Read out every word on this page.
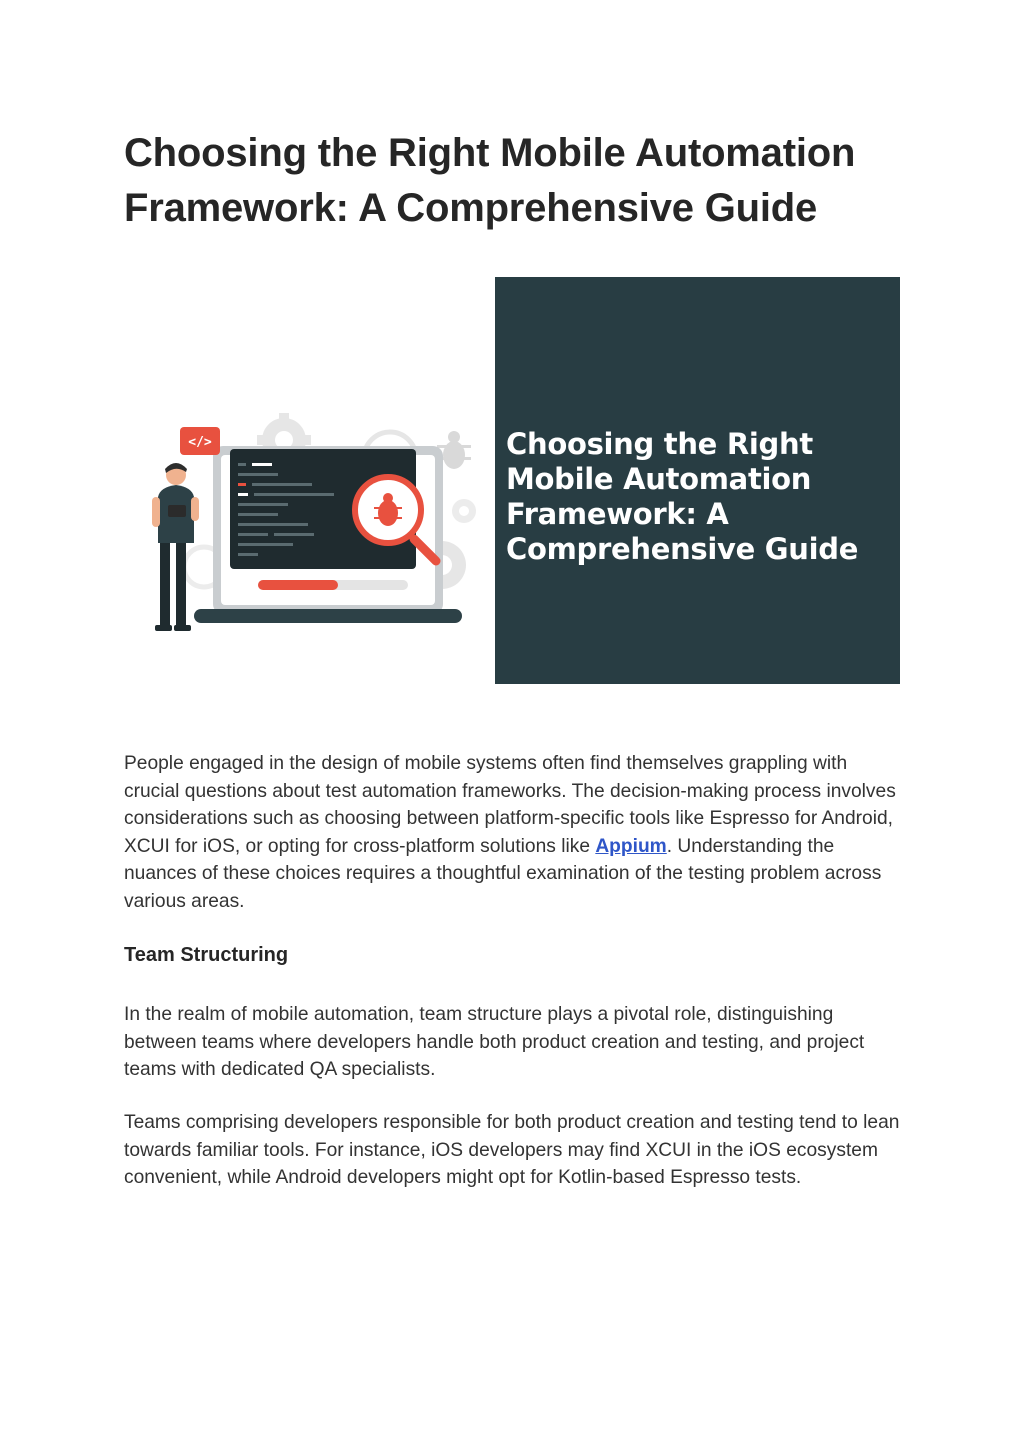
Choosing the Right Mobile Automation Framework: A Comprehensive Guide
</>	Choosing the Right Mobile Automation Framework: A Comprehensive Guide

People engaged in the design of mobile systems often find themselves grappling with crucial questions about test automation frameworks. The decision-making process involves considerations such as choosing between platform-specific tools like Espresso for Android, XCUI for iOS, or opting for cross-platform solutions like Appium. Understanding the nuances of these choices requires a thoughtful examination of the testing problem across various areas.

Team Structuring

In the realm of mobile automation, team structure plays a pivotal role, distinguishing between teams where developers handle both product creation and testing, and project teams with dedicated QA specialists.

Teams comprising developers responsible for both product creation and testing tend to lean towards familiar tools. For instance, iOS developers may find XCUI in the iOS ecosystem convenient, while Android developers might opt for Kotlin-based Espresso tests.
